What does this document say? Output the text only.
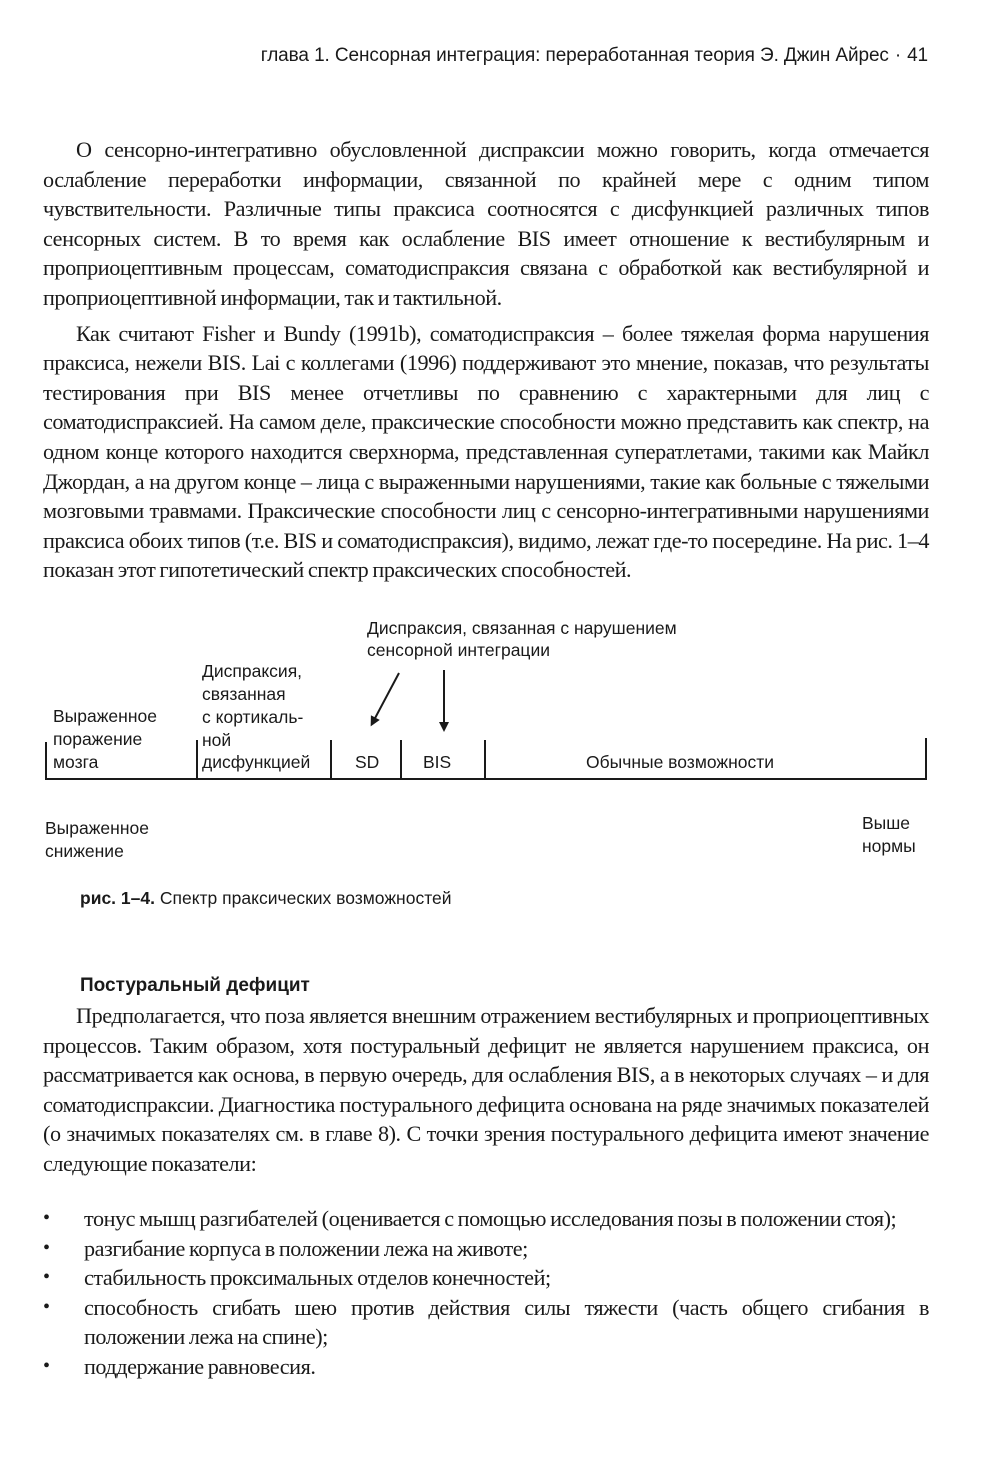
глава 1. Сенсорная интеграция: переработанная теория Э. Джин Айрес · 41

О сенсорно-интегративно обусловленной диспраксии можно говорить, когда отмечается ослабление переработки информации, связанной по крайней мере с одним типом чувствительности. Различные типы праксиса соотносятся с дисфункцией различных типов сенсорных систем. В то время как ослабление BIS имеет отношение к вестибулярным и проприоцептивным процессам, соматодиспраксия связана с обработкой как вестибулярной и проприоцептивной информации, так и тактильной.

Как считают Fisher и Bundy (1991b), соматодиспраксия – более тяжелая форма нарушения праксиса, нежели BIS. Lai с коллегами (1996) поддерживают это мнение, показав, что результаты тестирования при BIS менее отчетливы по сравнению с характерными для лиц с соматодиспраксией. На самом деле, праксические способности можно представить как спектр, на одном конце которого находится сверхнорма, представленная суператлетами, такими как Майкл Джордан, а на другом конце – лица с выраженными нарушениями, такие как больные с тяжелыми мозговыми травмами. Праксические способности лиц с сенсорно-интегративными нарушениями праксиса обоих типов (т.е. BIS и соматодиспраксия), видимо, лежат где-то посередине. На рис. 1–4 показан этот гипотетический спектр праксических способностей.

Диспраксия, связанная с нарушением
сенсорной интеграции
Выраженное
поражение
мозга
Диспраксия,
связанная
с кортикаль-
ной
дисфункцией	SD BIS	Обычные возможности
Выраженное
снижение
Выше
нормы
рис. 1–4. Спектр праксических возможностей
Постуральный дефицит

Предполагается, что поза является внешним отражением вестибулярных и проприоцептивных процессов. Таким образом, хотя постуральный дефицит не является нарушением праксиса, он рассматривается как основа, в первую очередь, для ослабления BIS, а в некоторых случаях – и для соматодиспраксии. Диагностика постурального дефицита основана на ряде значимых показателей (о значимых показателях см. в главе 8). С точки зрения постурального дефицита имеют значение следующие показатели:

• тонус мышц разгибателей (оценивается с помощью исследования позы в положении стоя);
• разгибание корпуса в положении лежа на животе;
• стабильность проксимальных отделов конечностей;
• способность сгибать шею против действия силы тяжести (часть общего сгибания в положении лежа на спине);
• поддержание равновесия.
